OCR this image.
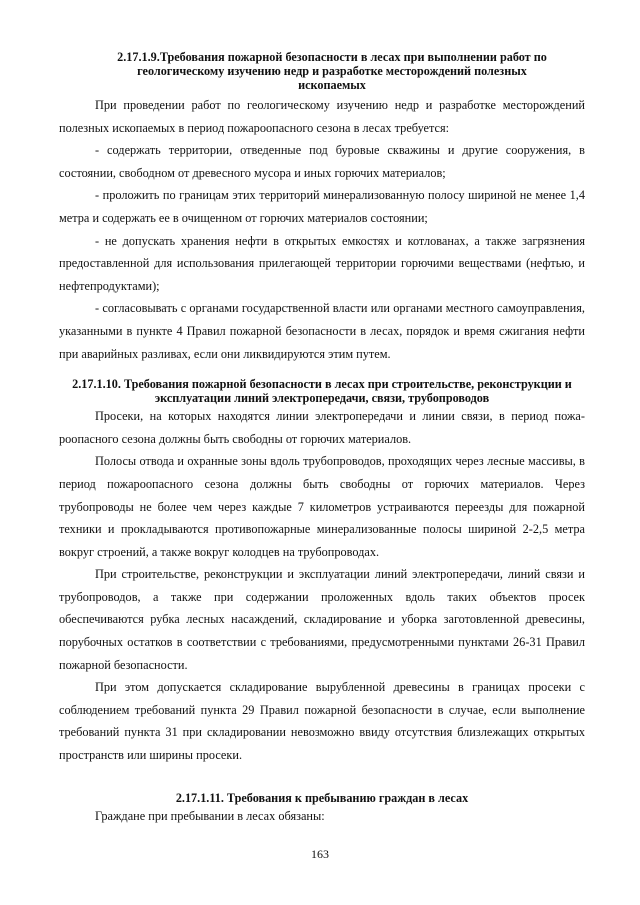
2.17.1.9.Требования пожарной безопасности в лесах при выполнении работ по геологическому изучению недр и разработке месторождений полезных ископаемых

При проведении работ по геологическому изучению недр и разработке месторождений полезных ископаемых в период пожароопасного сезона в лесах требуется:

- содержать территории, отведенные под буровые скважины и другие сооружения, в состоянии, свободном от древесного мусора и иных горючих материалов;

- проложить по границам этих территорий минерализованную полосу шириной не менее 1,4 метра и содержать ее в очищенном от горючих материалов состоянии;

- не допускать хранения нефти в открытых емкостях и котлованах, а также загрязнения предоставленной для использования прилегающей территории горючими веществами (нефтью, и нефтепродуктами);

- согласовывать с органами государственной власти или органами местного самоуправления, указанными в пункте 4 Правил пожарной безопасности в лесах, порядок и время сжигания нефти при аварийных разливах, если они ликвидируются этим путем.

2.17.1.10. Требования пожарной безопасности в лесах при строительстве, реконструкции и эксплуатации линий электропередачи, связи, трубопроводов

Просеки, на которых находятся линии электропередачи и линии связи, в период пожароопасного сезона должны быть свободны от горючих материалов.

Полосы отвода и охранные зоны вдоль трубопроводов, проходящих через лесные массивы, в период пожароопасного сезона должны быть свободны от горючих материалов. Через трубопроводы не более чем через каждые 7 километров устраиваются переезды для пожарной техники и прокладываются противопожарные минерализованные полосы шириной 2-2,5 метра вокруг строений, а также вокруг колодцев на трубопроводах.

При строительстве, реконструкции и эксплуатации линий электропередачи, линий связи и трубопроводов, а также при содержании проложенных вдоль таких объектов просек обеспечиваются рубка лесных насаждений, складирование и уборка заготовленной древесины, порубочных остатков в соответствии с требованиями, предусмотренными пунктами 26-31 Правил пожарной безопасности.

При этом допускается складирование вырубленной древесины в границах просеки с соблюдением требований пункта 29 Правил пожарной безопасности в случае, если выполнение требований пункта 31 при складировании невозможно ввиду отсутствия близлежащих открытых пространств или ширины просеки.

2.17.1.11. Требования к пребыванию граждан в лесах

Граждане при пребывании в лесах обязаны:

163
